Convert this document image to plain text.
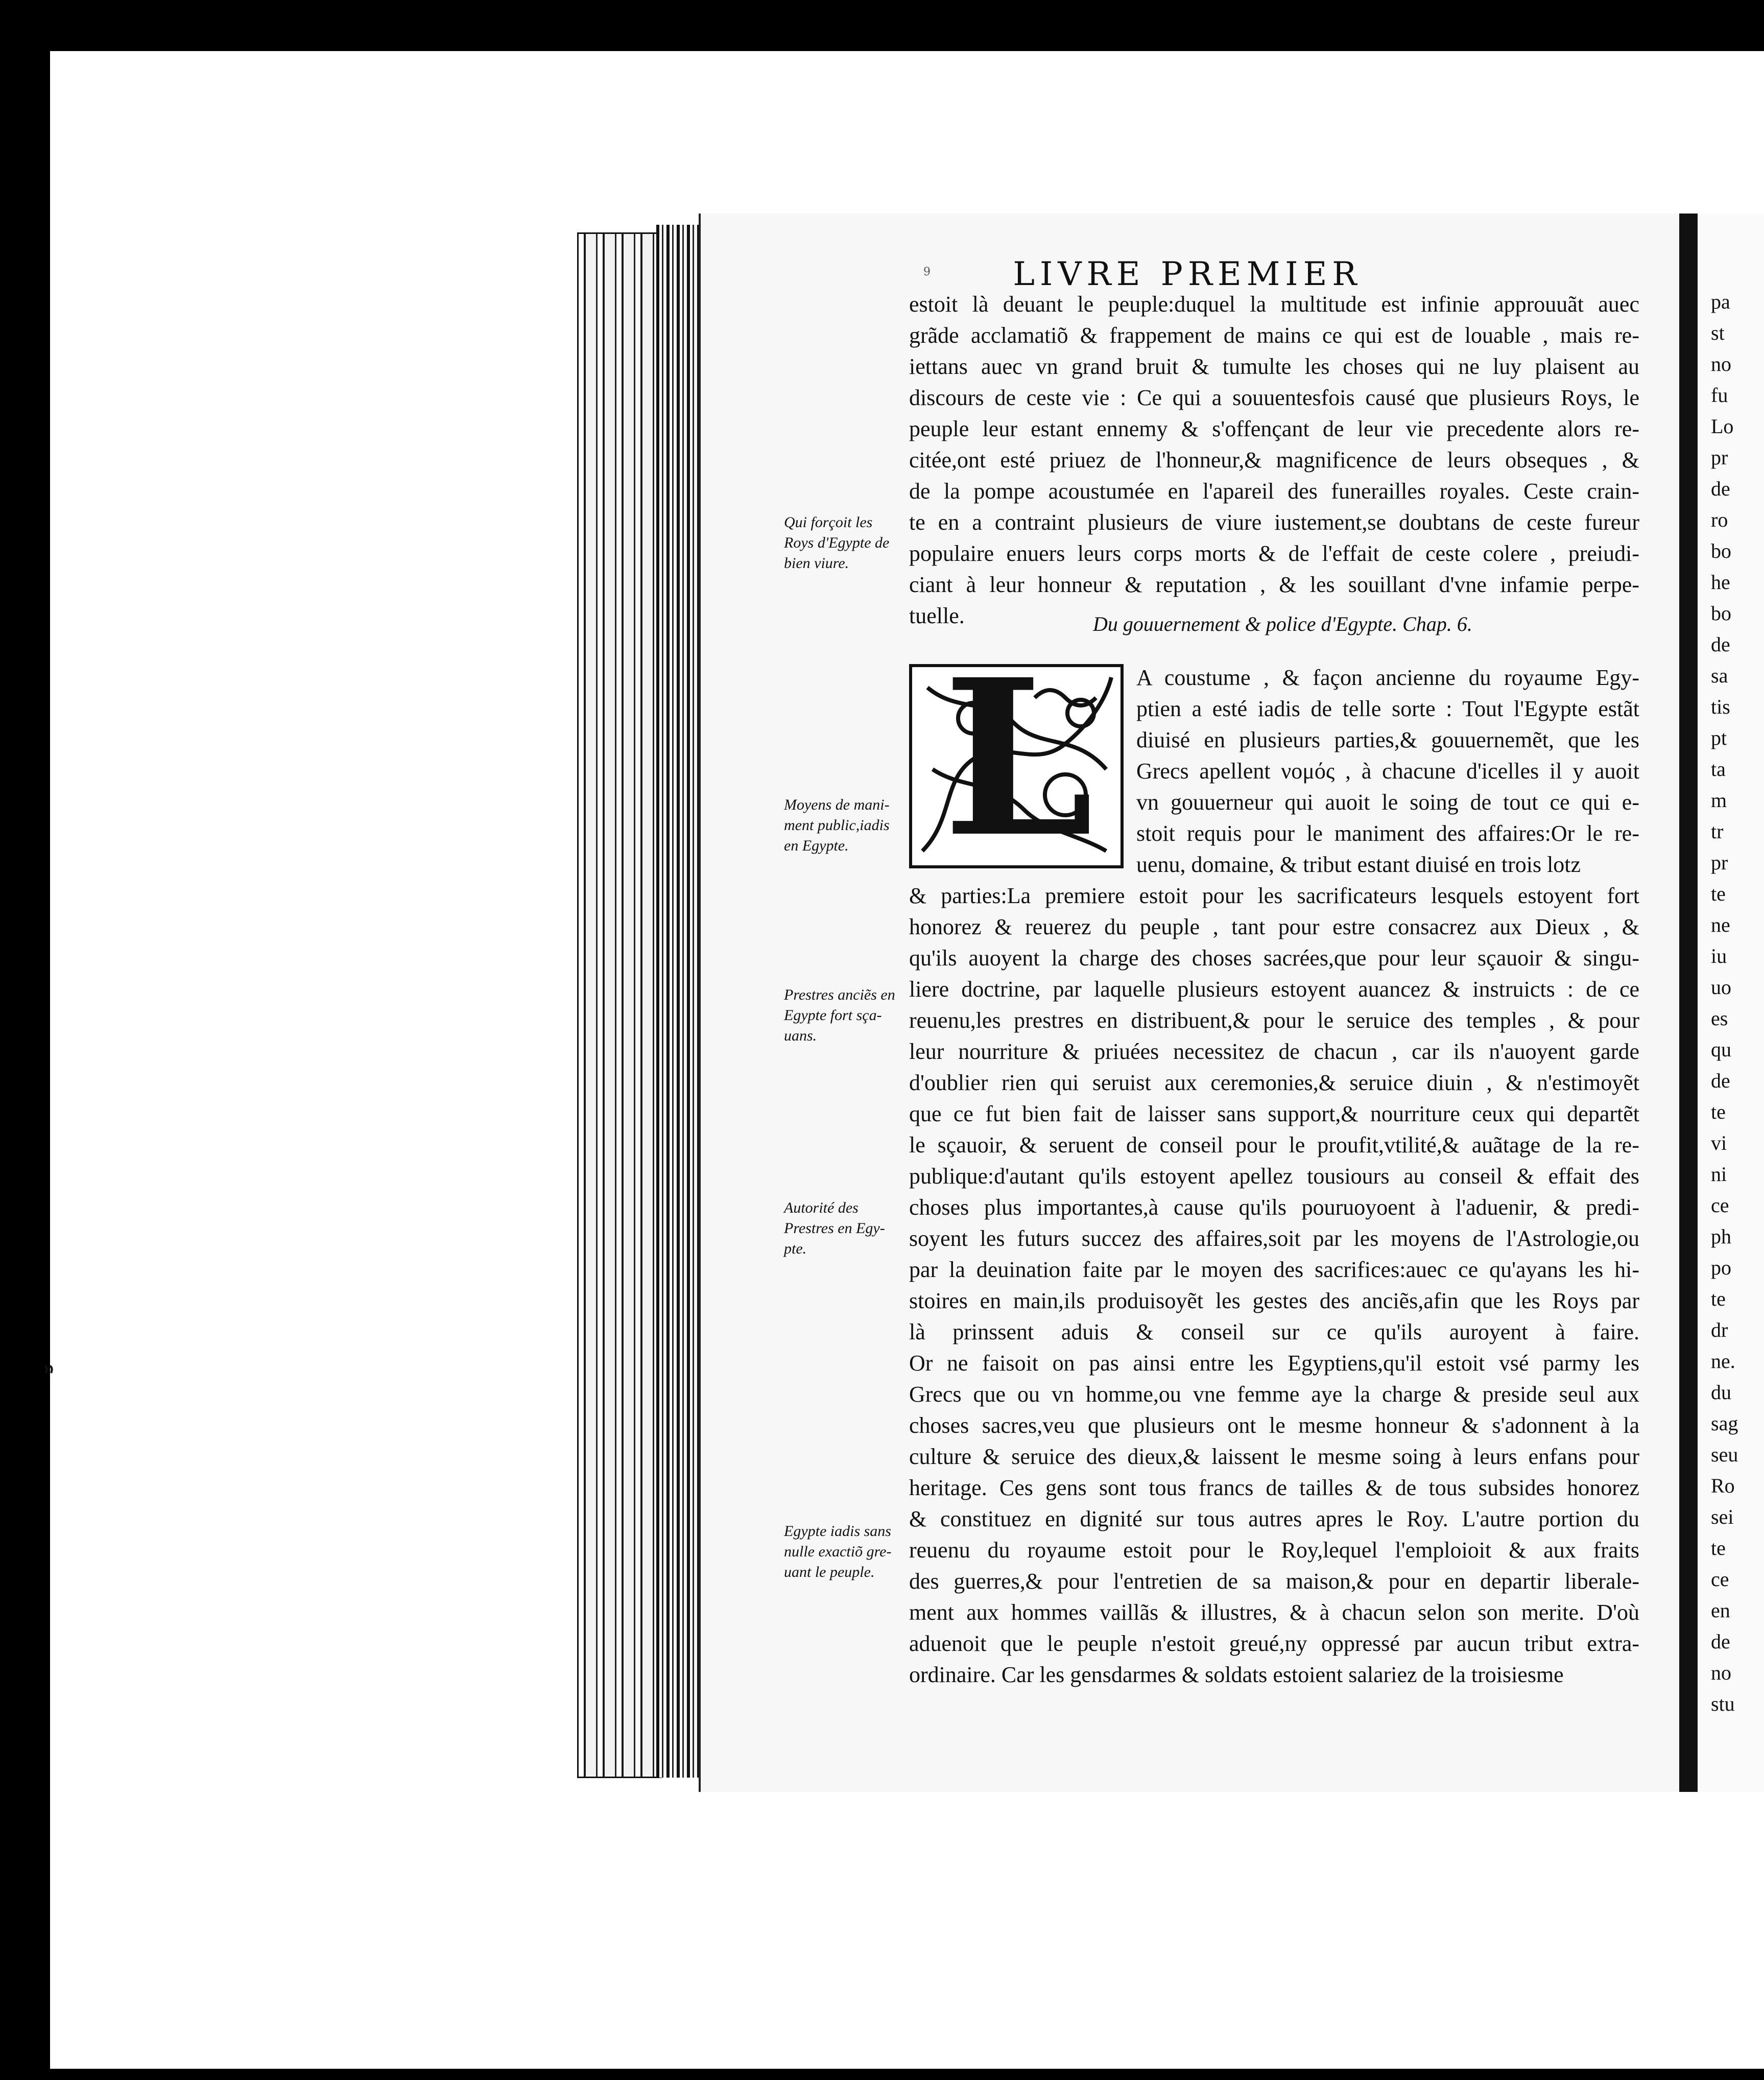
LIVRE PREMIER
9
estoit là deuant le peuple:duquel la multitude est infinie approuuãt auec
grãde acclamatiõ & frappement de mains ce qui est de louable , mais re-
iettans auec vn grand bruit & tumulte les choses qui ne luy plaisent au
discours de ceste vie : Ce qui a souuentesfois causé que plusieurs Roys, le
peuple leur estant ennemy & s'offençant de leur vie precedente alors re-
citée,ont esté priuez de l'honneur,& magnificence de leurs obseques , &
de la pompe acoustumée en l'apareil des funerailles royales. Ceste crain-
te en a contraint plusieurs de viure iustement,se doubtans de ceste fureur
populaire enuers leurs corps morts & de l'effait de ceste colere , preiudi-
ciant à leur honneur & reputation , & les souillant d'vne infamie perpe-
tuelle.	Du gouuernement & police d'Egypte. Chap. 6.
L A coustume , & façon ancienne du royaume Egy-
ptien a esté iadis de telle sorte : Tout l'Egypte estãt
diuisé en plusieurs parties,& gouuernemẽt, que les
Grecs apellent νομός , à chacune d'icelles il y auoit
vn gouuerneur qui auoit le soing de tout ce qui e-
stoit requis pour le maniment des affaires:Or le re-
uenu, domaine, & tribut estant diuisé en trois lotz
& parties:La premiere estoit pour les sacrificateurs lesquels estoyent fort
honorez & reuerez du peuple , tant pour estre consacrez aux Dieux , &
qu'ils auoyent la charge des choses sacrées,que pour leur sçauoir & singu-
liere doctrine, par laquelle plusieurs estoyent auancez & instruicts : de ce
reuenu,les prestres en distribuent,& pour le seruice des temples , & pour
leur nourriture & priuées necessitez de chacun , car ils n'auoyent garde
d'oublier rien qui seruist aux ceremonies,& seruice diuin , & n'estimoyẽt
que ce fut bien fait de laisser sans support,& nourriture ceux qui departẽt
le sçauoir, & seruent de conseil pour le proufit,vtilité,& auãtage de la re-
publique:d'autant qu'ils estoyent apellez tousiours au conseil & effait des
choses plus importantes,à cause qu'ils pouruoyoent à l'aduenir, & predi-
soyent les futurs succez des affaires,soit par les moyens de l'Astrologie,ou
par la deuination faite par le moyen des sacrifices:auec ce qu'ayans les hi-
stoires en main,ils produisoyẽt les gestes des anciẽs,afin que les Roys par
là prinssent aduis & conseil sur ce qu'ils auroyent à faire.
Or ne faisoit on pas ainsi entre les Egyptiens,qu'il estoit vsé parmy les
Grecs que ou vn homme,ou vne femme aye la charge & preside seul aux
choses sacres,veu que plusieurs ont le mesme honneur & s'adonnent à la
culture & seruice des dieux,& laissent le mesme soing à leurs enfans pour
heritage. Ces gens sont tous francs de tailles & de tous subsides honorez
& constituez en dignité sur tous autres apres le Roy. L'autre portion du
reuenu du royaume estoit pour le Roy,lequel l'emploioit & aux fraits
des guerres,& pour l'entretien de sa maison,& pour en departir liberale-
ment aux hommes vaillãs & illustres, & à chacun selon son merite. D'où
aduenoit que le peuple n'estoit greué,ny oppressé par aucun tribut extra-
ordinaire. Car les gensdarmes & soldats estoient salariez de la troisiesme
Qui forçoit les
Roys d'Egypte de
bien viure.
Moyens de mani-
ment public,iadis
en Egypte.
Prestres anciẽs en
Egypte fort sça-
uans.
Autorité des
Prestres en Egy-
pte.
Egypte iadis sans
nulle exactiõ gre-
uant le peuple.
pa
st
no
fu
Lo
pr
de
ro
bo
he
bo
de
sa
tis
pt
ta
m
tr
pr
te
ne
iu
uo
es
qu
de
te
vi
ni
ce
ph
po
te
dr
ne.
du
sag
seu
Ro
sei
te
ce
en
de
no
stu
